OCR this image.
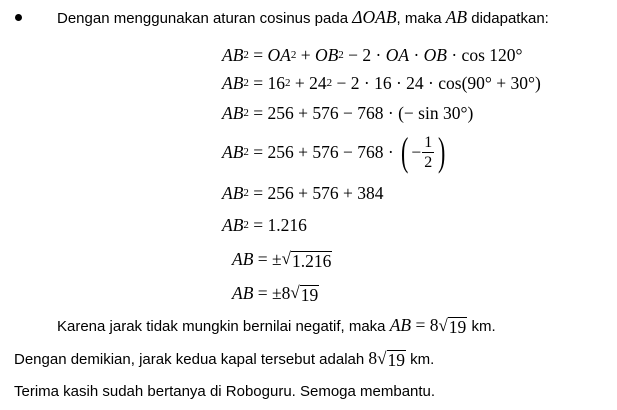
Dengan menggunakan aturan cosinus pada ΔOAB, maka AB didapatkan:
AB 2 = OA 2 + OB 2 − 2 · OA · OB · cos 120°
AB 2 = 16 2 + 24 2 − 2 · 16 · 24 · cos(90° + 30°)
AB 2 = 256 + 576 − 768 · (− sin 30°)
AB 2 = 256 + 576 − 768 · ( − $\frac{1}{2}$ )
AB 2 = 256 + 576 + 384
AB 2 = 1.216
AB = ± √ 1.216
AB = ±8 √ 19
Karena jarak tidak mungkin bernilai negatif, maka AB = 8 √ 19 km.
Dengan demikian, jarak kedua kapal tersebut adalah 8 √ 19 km.
Terima kasih sudah bertanya di Roboguru. Semoga membantu.
